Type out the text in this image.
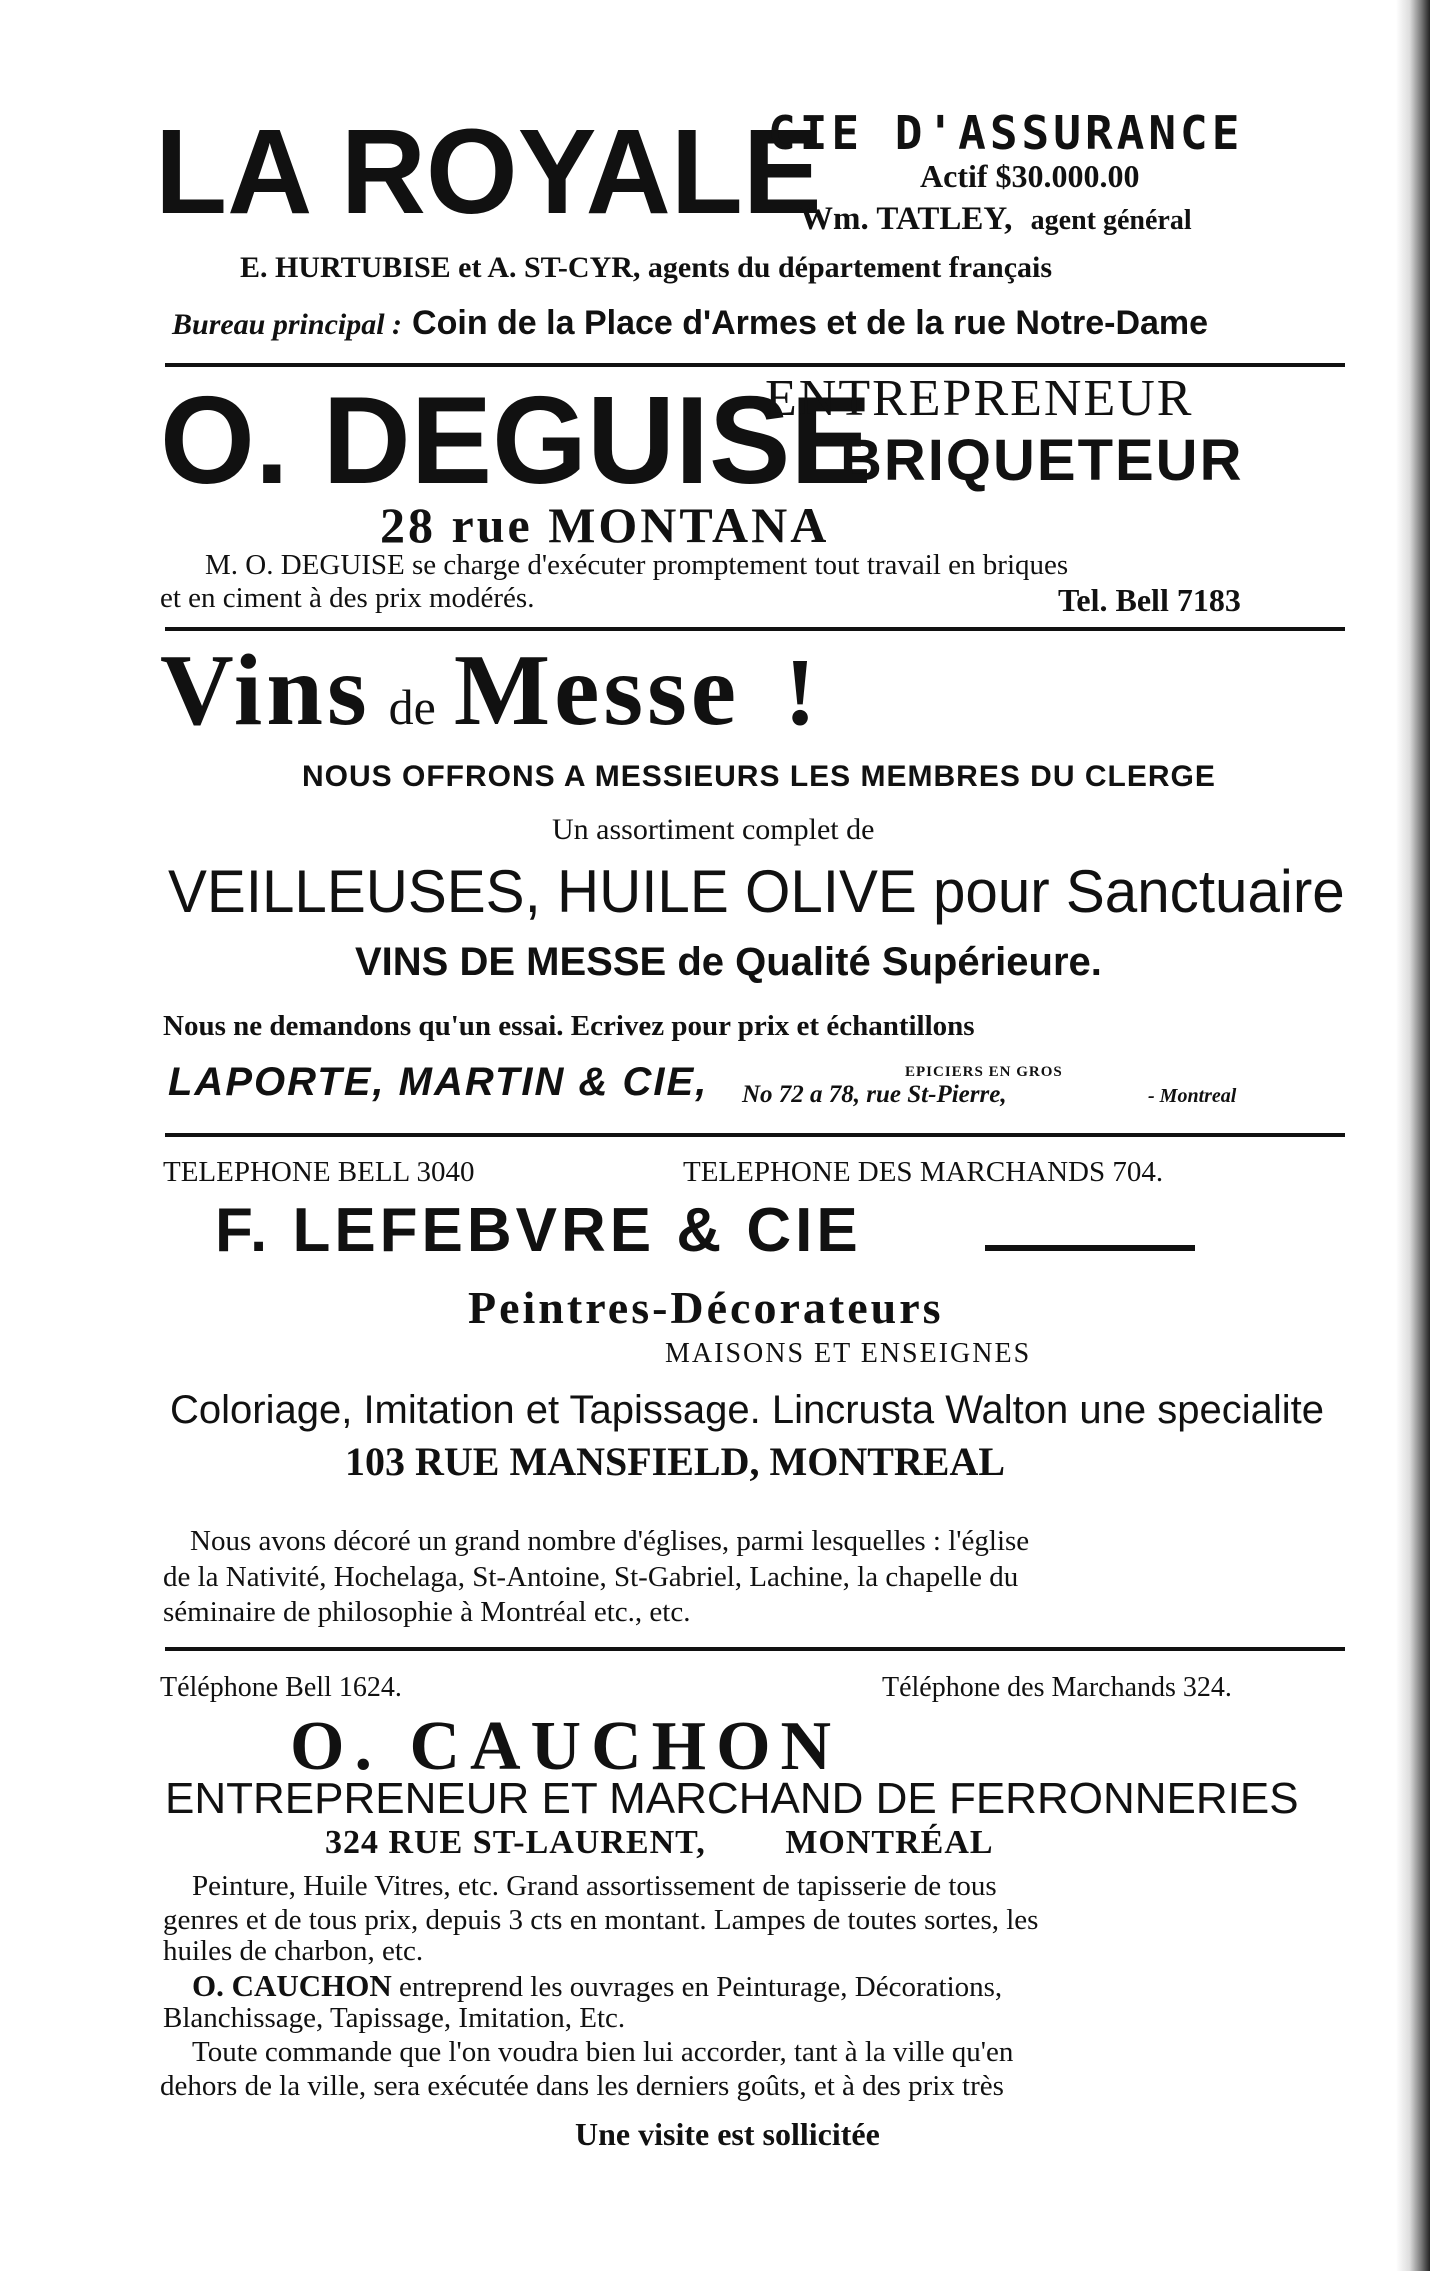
LA ROYALE
CIE D'ASSURANCE
Actif $30.000.00
Wm. TATLEY, agent général
E. HURTUBISE et A. ST-CYR, agents du département français
Bureau principal : Coin de la Place d'Armes et de la rue Notre-Dame
O. DEGUISE
ENTREPRENEUR
BRIQUETEUR
28 rue MONTANA
M. O. DEGUISE se charge d'exécuter promptement tout travail en briques
et en ciment à des prix modérés.	Tel. Bell 7183
Vins de Messe !
NOUS OFFRONS A MESSIEURS LES MEMBRES DU CLERGE
Un assortiment complet de
VEILLEUSES, HUILE OLIVE pour Sanctuaire
VINS DE MESSE de Qualité Supérieure.
Nous ne demandons qu'un essai. Ecrivez pour prix et échantillons
LAPORTE, MARTIN & CIE,	EPICIERS EN GROS
No 72 a 78, rue St-Pierre,	- Montreal
TELEPHONE BELL 3040	TELEPHONE DES MARCHANDS 704.
F. LEFEBVRE & CIE
Peintres-Décorateurs
MAISONS ET ENSEIGNES
Coloriage, Imitation et Tapissage. Lincrusta Walton une specialite
103 RUE MANSFIELD, MONTREAL
Nous avons décoré un grand nombre d'églises, parmi lesquelles : l'église
de la Nativité, Hochelaga, St-Antoine, St-Gabriel, Lachine, la chapelle du
séminaire de philosophie à Montréal etc., etc.
Téléphone Bell 1624.	Téléphone des Marchands 324.
O. CAUCHON
ENTREPRENEUR ET MARCHAND DE FERRONNERIES
324 RUE ST-LAURENT, MONTRÉAL
Peinture, Huile Vitres, etc. Grand assortissement de tapisserie de tous
genres et de tous prix, depuis 3 cts en montant. Lampes de toutes sortes, les
huiles de charbon, etc.
O. CAUCHON entreprend les ouvrages en Peinturage, Décorations,
Blanchissage, Tapissage, Imitation, Etc.
Toute commande que l'on voudra bien lui accorder, tant à la ville qu'en
dehors de la ville, sera exécutée dans les derniers goûts, et à des prix très
Une visite est sollicitée
